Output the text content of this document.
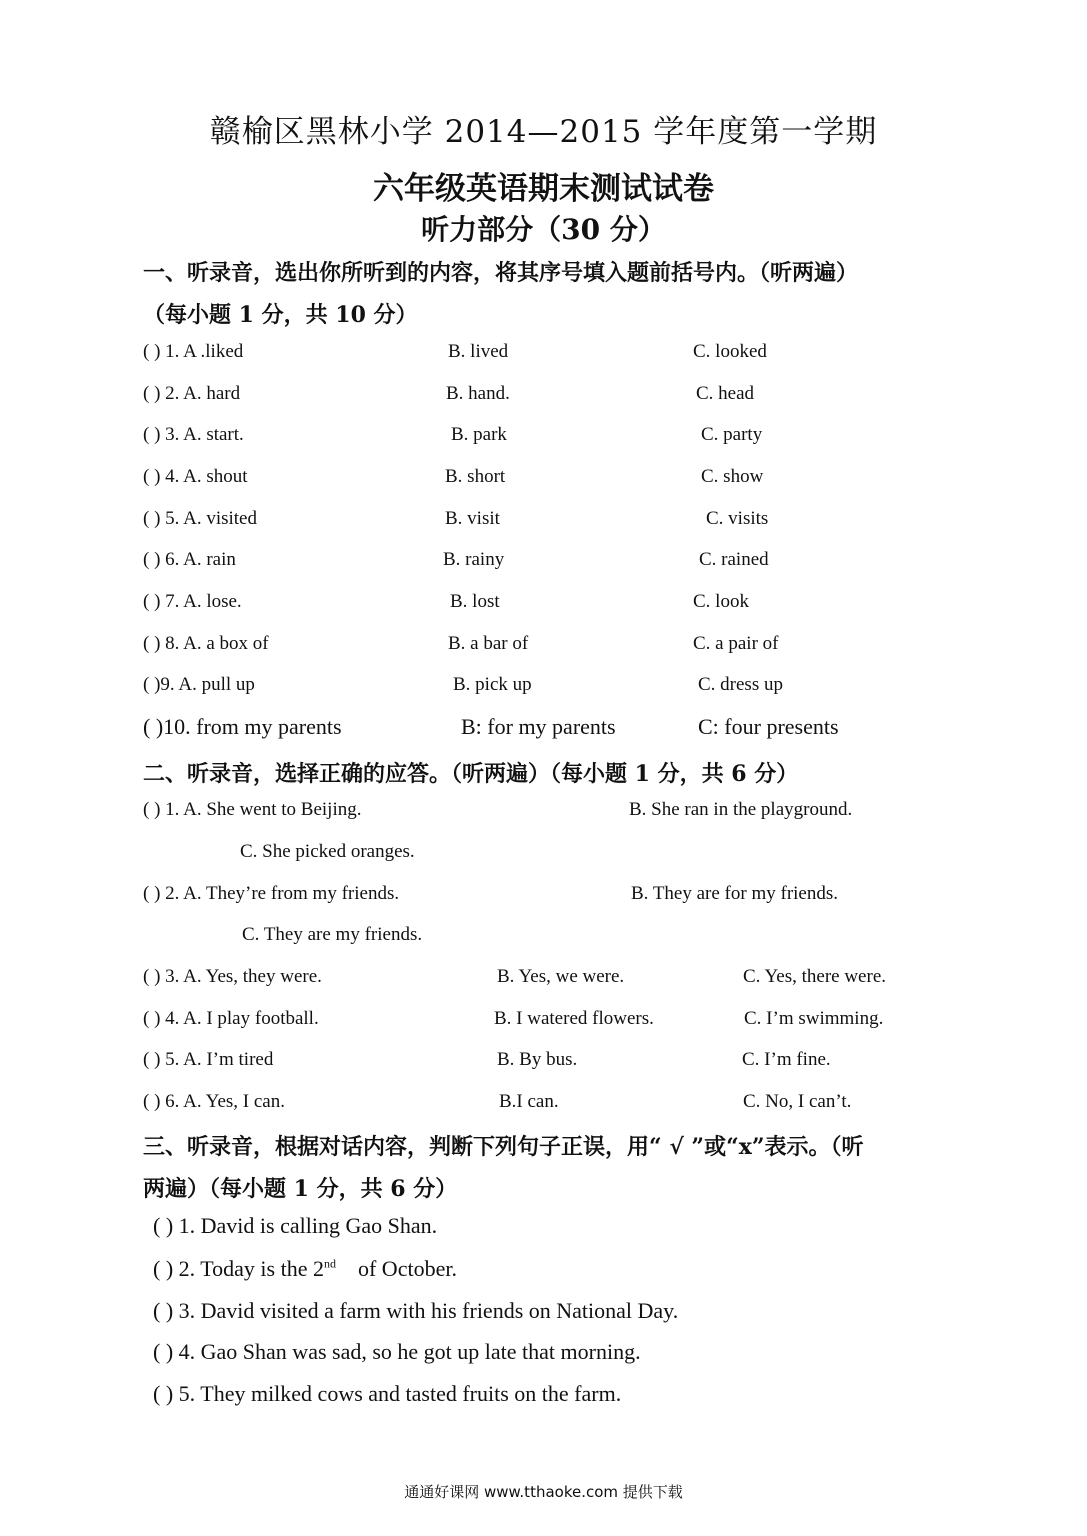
赣榆区黑林小学 2014—2015 学年度第一学期
六年级英语期末测试试卷
听力部分（30 分）
一、听录音，选出你所听到的内容，将其序号填入题前括号内。（听两遍）
（每小题 1 分，共 10 分）
( ) 1. A .liked	B. lived	C. looked
( ) 2. A. hard	B. hand.	C. head
( ) 3. A. start.	B. park	C. party
( ) 4. A. shout	B. short	C. show
( ) 5. A. visited	B. visit	C. visits
( ) 6. A. rain	B. rainy	C. rained
( ) 7. A. lose.	B. lost	C. look
( ) 8. A. a box of	B. a bar of	C. a pair of
( )9. A. pull up	B. pick up	C. dress up
( )10. from my parents	B: for my parents	C: four presents
二、听录音，选择正确的应答。（听两遍）（每小题 1 分，共 6 分）
( ) 1. A. She went to Beijing.	B. She ran in the playground.
C. She picked oranges.
( ) 2. A. They’re from my friends.	B. They are for my friends.
C. They are my friends.
( ) 3. A. Yes, they were.	B. Yes, we were.	C. Yes, there were.
( ) 4. A. I play football.	B. I watered flowers.	C. I’m swimming.
( ) 5. A. I’m tired	B. By bus.	C. I’m fine.
( ) 6. A. Yes, I can.	B.I can.	C. No, I can’t.
三、听录音，根据对话内容，判断下列句子正误，用“ √ ”或“x”表示。（听
两遍）（每小题 1 分，共 6 分）
( ) 1. David is calling Gao Shan.
( ) 2. Today is the 2nd of October.
( ) 3. David visited a farm with his friends on National Day.
( ) 4. Gao Shan was sad, so he got up late that morning.
( ) 5. They milked cows and tasted fruits on the farm.
通通好课网 www.tthaoke.com 提供下载
